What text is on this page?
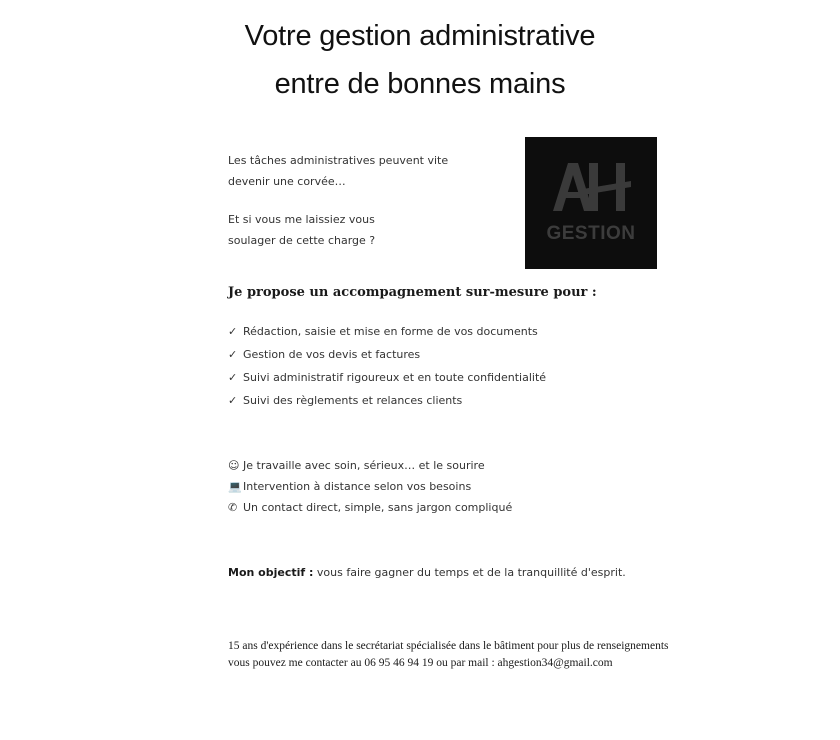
Votre gestion administrative
entre de bonnes mains

Les tâches administratives peuvent vite
devenir une corvée…

Et si vous me laissiez vous
soulager de cette charge ?	GESTION
Je propose un accompagnement sur-mesure pour :
✓ Rédaction, saisie et mise en forme de vos documents
✓ Gestion de vos devis et factures
✓ Suivi administratif rigoureux et en toute confidentialité
✓ Suivi des règlements et relances clients
☺ Je travaille avec soin, sérieux… et le sourire
💻Intervention à distance selon vos besoins
✆ Un contact direct, simple, sans jargon compliqué

Mon objectif : vous faire gagner du temps et de la tranquillité d'esprit.

15 ans d'expérience dans le secrétariat spécialisée dans le bâtiment pour plus de renseignements vous pouvez me contacter au 06 95 46 94 19 ou par mail : ahgestion34@gmail.com
